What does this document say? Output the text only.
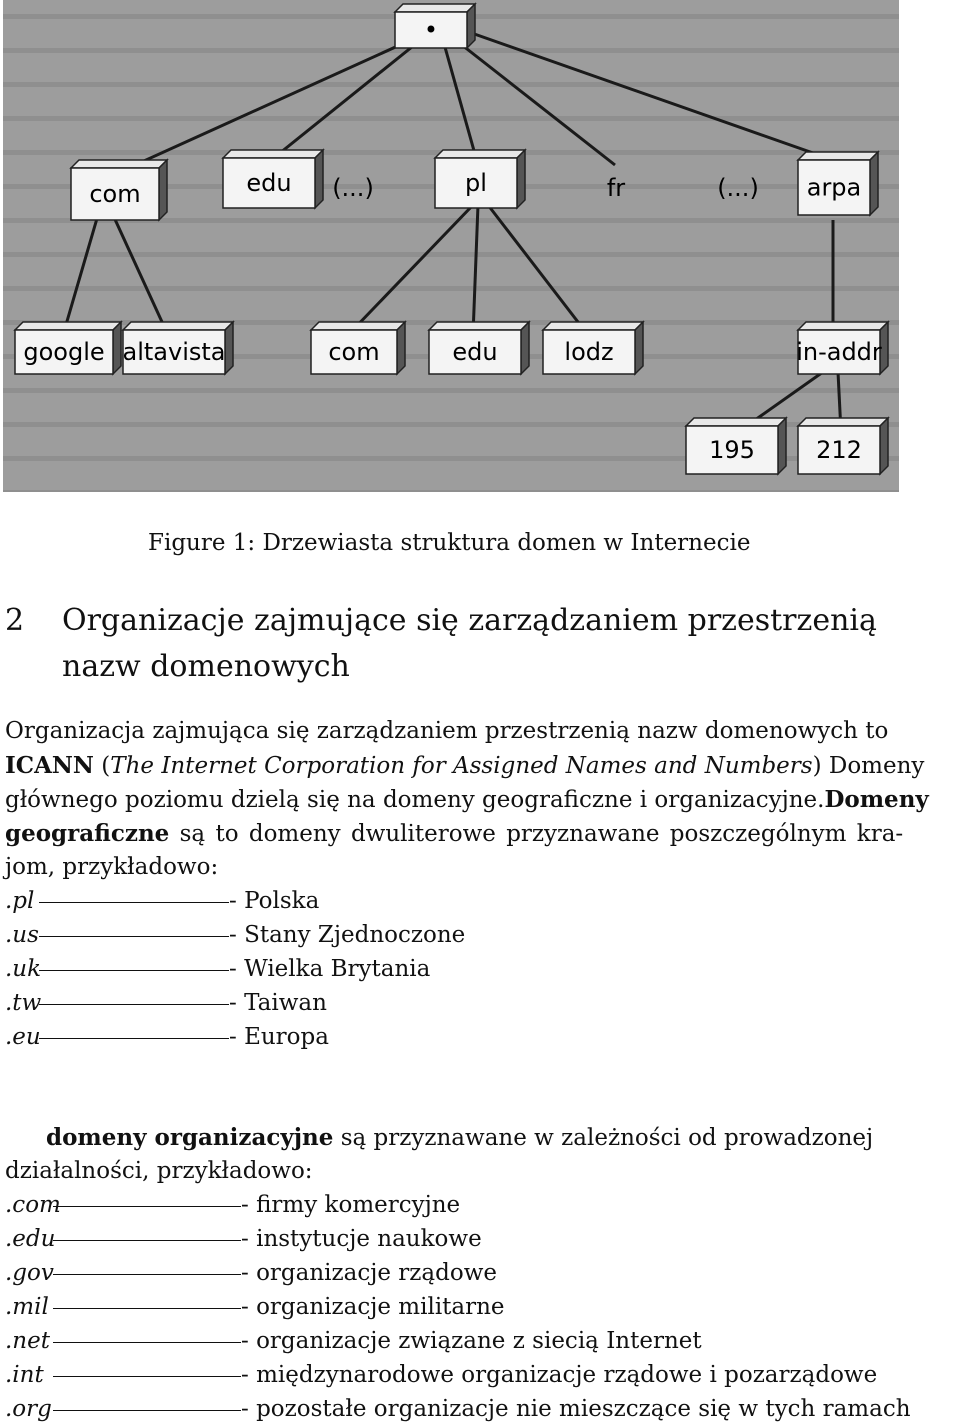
•
com	edu (...)	pl	fr	(...) arpa
google altavista	com	edu	lodz	in-addr
195	212
Figure 1: Drzewiasta struktura domen w Internecie
2 Organizacje zajmujące się zarządzaniem przestrzenią
nazw domenowych
Organizacja zajmująca się zarządzaniem przestrzenią nazw domenowych to
ICANN (The Internet Corporation for Assigned Names and Numbers) Domeny
głównego poziomu dzielą się na domeny geograficzne i organizacyjne.Domeny
geograficzne są to domeny dwuliterowe przyznawane poszczególnym kra-
jom, przykładowo:
.pl	- Polska
.us	- Stany Zjednoczone
.uk	- Wielka Brytania
.tw	- Taiwan
.eu	- Europa
domeny organizacyjne są przyznawane w zależności od prowadzonej
działalności, przykładowo:
.com	- firmy komercyjne
.edu	- instytucje naukowe
.gov	- organizacje rządowe
.mil	- organizacje militarne
.net	- organizacje związane z siecią Internet
.int	- międzynarodowe organizacje rządowe i pozarządowe
.org	- pozostałe organizacje nie mieszczące się w tych ramach
